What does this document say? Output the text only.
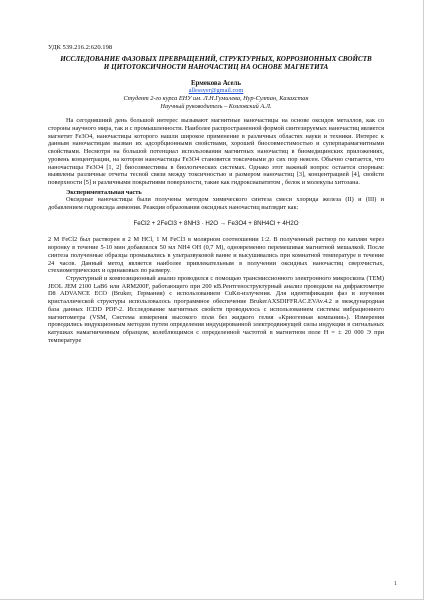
УДК 539.216.2:620.198
ИССЛЕДОВАНИЕ ФАЗОВЫХ ПРЕВРАЩЕНИЙ, СТРУКТУРНЫХ, КОРРОЗИОННЫХ СВОЙСТВ И ЦИТОТОКСИЧНОСТИ НАНОЧАСТИЦ НА ОСНОВЕ МАГНЕТИТА
Ермекова Асель
allessyer@gmail.com
Студент 2-го курса ЕНУ им. Л.Н.Гумилева, Нур-Султан, Казахстан
Научный руководитель – Козловский А.Л.

На сегодняшний день большой интерес вызывают магнитные наночастицы на основе оксидов металлов, как со стороны научного мира, так и с промышленности. Наиболее распространенной формой синтезируемых наночастиц является магнетит Fe3O4, наночастицы которого нашли широкое применение в различных областях науки и техники. Интерес к данным наночастицам вызван их адсорбционными свойствами, хорошей биосовместимостью и суперпарамагнитными свойствами. Несмотря на большой потенциал использования магнитных наночастиц в биомедицинских приложениях, уровень концентрации, на котором наночастицы Fe3O4 становятся токсичными до сих пор неясен. Обычно считается, что наночастицы Fe3O4 [1, 2] биосовместимы в биологических системах. Однако этот важный вопрос остается спорным: выявлены различные отчеты тесной связи между токсичностью и размером наночастиц [3], концентрацией [4], свойств поверхности [5] и различными покрытиями поверхности, такие как гидроксиапатитом , белок и молекулы хитозана.

Экспериментальная часть

Оксидные наночастицы были получены методом химического синтеза смеси хлорида железа (II) и (III) и добавлением гидроксида аммония. Реакция образования оксидных наночастиц выглядит как:

FeCl2 + 2FeCl3 + 8NH3 · H2O → Fe3O4 + 8NH4Cl + 4H2O

2 M FeCl2 был растворен в 2 M HCl, 1 M FeCl3 в молярном соотношении 1:2. В полученный раствор по каплям через воронку в течение 5-10 мин добавлялся 50 мл NH4 OH (0,7 M), одновременно перемешивая магнитной мешалкой. После синтеза полученные образцы промывались в ультразвуковой ванне и высушивались при комнатной температуре в течение 24 часов. Данный метод является наиболее привлекательным в получении оксидных наночастиц сверхчистых, стехиометрических и одинаковых по размеру.

Структурный и композиционный анализ проводился с помощью трансмиссионного электронного микроскопа (TEM) JEOL JEM 2100 LaB6 или ARM200F, работающего при 200 кВ.Рентгеноструктурный анализ проводили на дифрактометре D8 ADVANCE ECO (Bruker, Германия) с использованием CuKα-излучения. Для идентификации фаз и изучения кристаллической структуры использовалось программное обеспечение BrukerAXSDIFFRAC.EVAv.4.2 и международная база данных ICDD PDF-2. Исследование магнитных свойств проводилось с использованием системы вибрационного магнитометра (VSM, Система измерения высокого поля без жидкого гелия «Криогенная компания»). Измерения проводились индукционным методом путем определения индуцированной электродвижущей силы индукции в сигнальных катушках намагниченным образцом, колеблющимся с определенной частотой в магнитном поле H = ± 20 000 Э при температуре

1
